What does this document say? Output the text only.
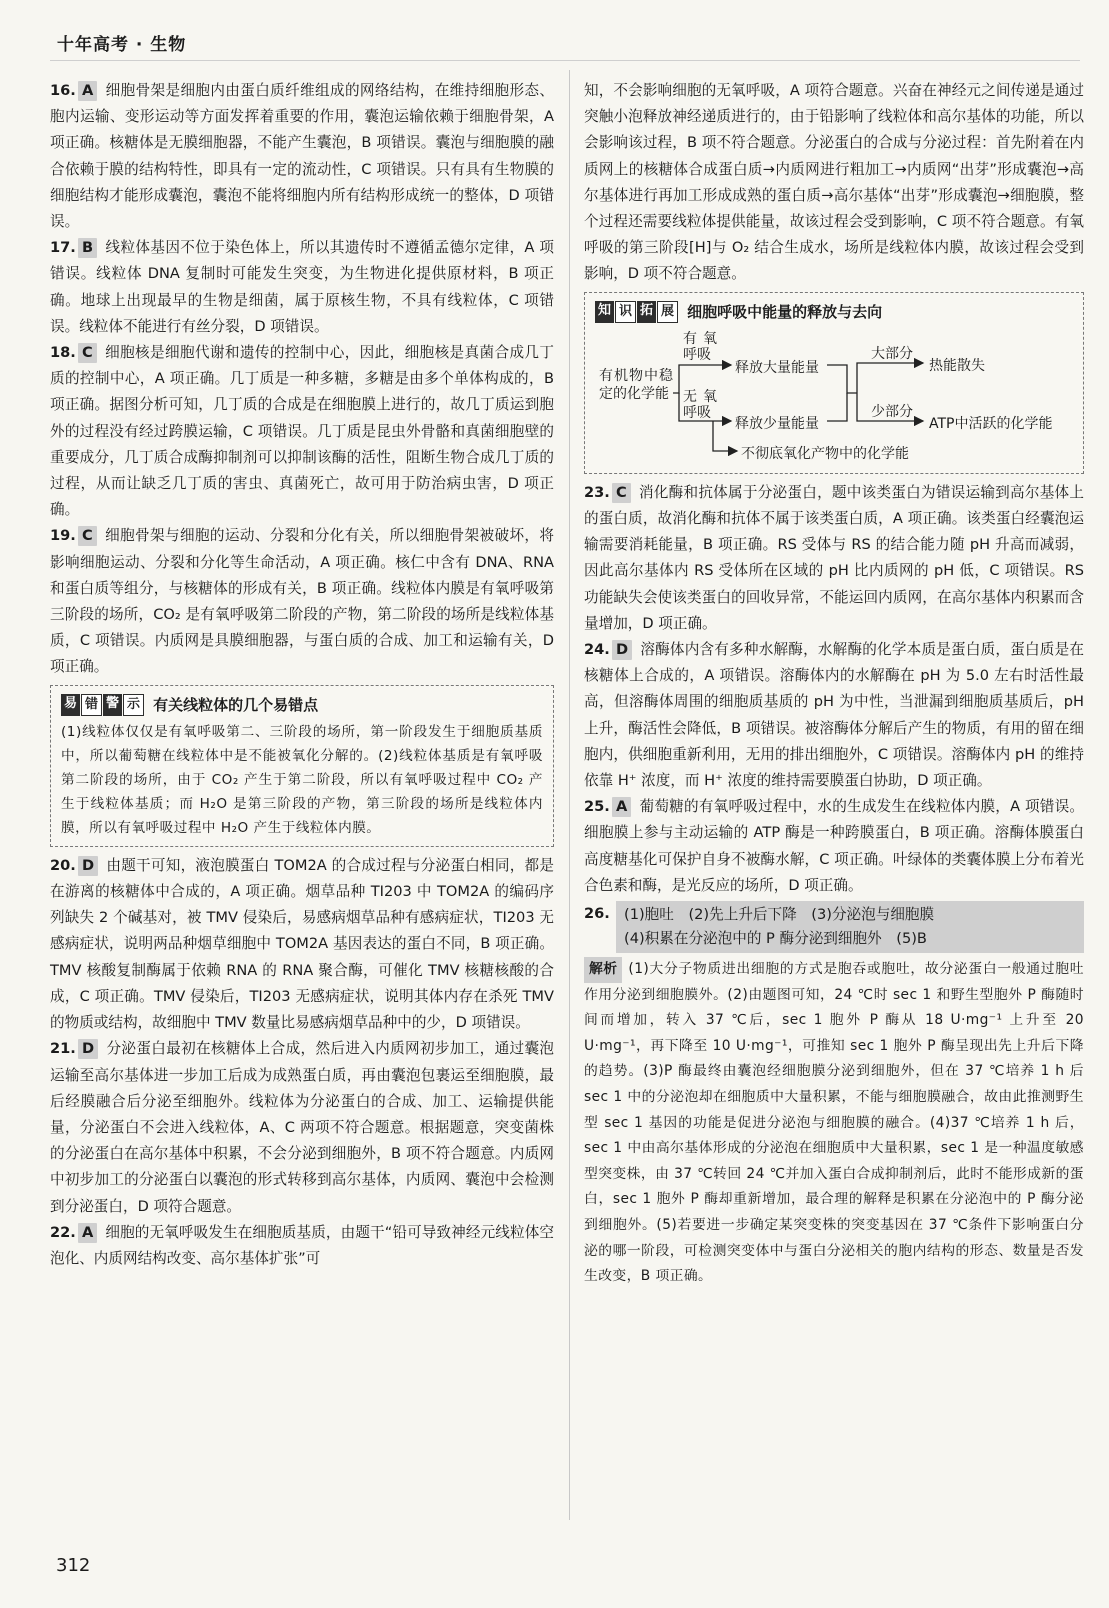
十年高考 · 生物
16. A 细胞骨架是细胞内由蛋白质纤维组成的网络结构，在维持细胞形态、胞内运输、变形运动等方面发挥着重要的作用，囊泡运输依赖于细胞骨架，A 项正确。核糖体是无膜细胞器，不能产生囊泡，B 项错误。囊泡与细胞膜的融合依赖于膜的结构特性，即具有一定的流动性，C 项错误。只有具有生物膜的细胞结构才能形成囊泡，囊泡不能将细胞内所有结构形成统一的整体，D 项错误。
17. B 线粒体基因不位于染色体上，所以其遗传时不遵循孟德尔定律，A 项错误。线粒体 DNA 复制时可能发生突变，为生物进化提供原材料，B 项正确。地球上出现最早的生物是细菌，属于原核生物，不具有线粒体，C 项错误。线粒体不能进行有丝分裂，D 项错误。
18. C 细胞核是细胞代谢和遗传的控制中心，因此，细胞核是真菌合成几丁质的控制中心，A 项正确。几丁质是一种多糖，多糖是由多个单体构成的，B 项正确。据图分析可知，几丁质的合成是在细胞膜上进行的，故几丁质运到胞外的过程没有经过跨膜运输，C 项错误。几丁质是昆虫外骨骼和真菌细胞壁的重要成分，几丁质合成酶抑制剂可以抑制该酶的活性，阻断生物合成几丁质的过程，从而让缺乏几丁质的害虫、真菌死亡，故可用于防治病虫害，D 项正确。
19. C 细胞骨架与细胞的运动、分裂和分化有关，所以细胞骨架被破坏，将影响细胞运动、分裂和分化等生命活动，A 项正确。核仁中含有 DNA、RNA 和蛋白质等组分，与核糖体的形成有关，B 项正确。线粒体内膜是有氧呼吸第三阶段的场所，CO₂ 是有氧呼吸第二阶段的产物，第二阶段的场所是线粒体基质，C 项错误。内质网是具膜细胞器，与蛋白质的合成、加工和运输有关，D 项正确。
易 错 警 示 有关线粒体的几个易错点
(1)线粒体仅仅是有氧呼吸第二、三阶段的场所，第一阶段发生于细胞质基质中，所以葡萄糖在线粒体中是不能被氧化分解的。(2)线粒体基质是有氧呼吸第二阶段的场所，由于 CO₂ 产生于第二阶段，所以有氧呼吸过程中 CO₂ 产生于线粒体基质；而 H₂O 是第三阶段的产物，第三阶段的场所是线粒体内膜，所以有氧呼吸过程中 H₂O 产生于线粒体内膜。
20. D 由题干可知，液泡膜蛋白 TOM2A 的合成过程与分泌蛋白相同，都是在游离的核糖体中合成的，A 项正确。烟草品种 TI203 中 TOM2A 的编码序列缺失 2 个碱基对，被 TMV 侵染后，易感病烟草品种有感病症状，TI203 无感病症状，说明两品种烟草细胞中 TOM2A 基因表达的蛋白不同，B 项正确。TMV 核酸复制酶属于依赖 RNA 的 RNA 聚合酶，可催化 TMV 核糖核酸的合成，C 项正确。TMV 侵染后，TI203 无感病症状，说明其体内存在杀死 TMV 的物质或结构，故细胞中 TMV 数量比易感病烟草品种中的少，D 项错误。
21. D 分泌蛋白最初在核糖体上合成，然后进入内质网初步加工，通过囊泡运输至高尔基体进一步加工后成为成熟蛋白质，再由囊泡包裹运至细胞膜，最后经膜融合后分泌至细胞外。线粒体为分泌蛋白的合成、加工、运输提供能量，分泌蛋白不会进入线粒体，A、C 两项不符合题意。根据题意，突变菌株的分泌蛋白在高尔基体中积累，不会分泌到细胞外，B 项不符合题意。内质网中初步加工的分泌蛋白以囊泡的形式转移到高尔基体，内质网、囊泡中会检测到分泌蛋白，D 项符合题意。
22. A 细胞的无氧呼吸发生在细胞质基质，由题干“铅可导致神经元线粒体空泡化、内质网结构改变、高尔基体扩张”可
知，不会影响细胞的无氧呼吸，A 项符合题意。兴奋在神经元之间传递是通过突触小泡释放神经递质进行的，由于铅影响了线粒体和高尔基体的功能，所以会影响该过程，B 项不符合题意。分泌蛋白的合成与分泌过程：首先附着在内质网上的核糖体合成蛋白质→内质网进行粗加工→内质网“出芽”形成囊泡→高尔基体进行再加工形成成熟的蛋白质→高尔基体“出芽”形成囊泡→细胞膜，整个过程还需要线粒体提供能量，故该过程会受到影响，C 项不符合题意。有氧呼吸的第三阶段[H]与 O₂ 结合生成水，场所是线粒体内膜，故该过程会受到影响，D 项不符合题意。
知 识 拓 展 细胞呼吸中能量的释放与去向
有机物中稳定的化学能
有氧呼吸
无氧呼吸
释放大量能量
释放少量能量
不彻底氧化产物中的化学能
大部分
少部分
热能散失
ATP中活跃的化学能
23. C 消化酶和抗体属于分泌蛋白，题中该类蛋白为错误运输到高尔基体上的蛋白质，故消化酶和抗体不属于该类蛋白质，A 项正确。该类蛋白经囊泡运输需要消耗能量，B 项正确。RS 受体与 RS 的结合能力随 pH 升高而减弱，因此高尔基体内 RS 受体所在区域的 pH 比内质网的 pH 低，C 项错误。RS 功能缺失会使该类蛋白的回收异常，不能运回内质网，在高尔基体内积累而含量增加，D 项正确。
24. D 溶酶体内含有多种水解酶，水解酶的化学本质是蛋白质，蛋白质是在核糖体上合成的，A 项错误。溶酶体内的水解酶在 pH 为 5.0 左右时活性最高，但溶酶体周围的细胞质基质的 pH 为中性，当泄漏到细胞质基质后，pH 上升，酶活性会降低，B 项错误。被溶酶体分解后产生的物质，有用的留在细胞内，供细胞重新利用，无用的排出细胞外，C 项错误。溶酶体内 pH 的维持依靠 H⁺ 浓度，而 H⁺ 浓度的维持需要膜蛋白协助，D 项正确。
25. A 葡萄糖的有氧呼吸过程中，水的生成发生在线粒体内膜，A 项错误。细胞膜上参与主动运输的 ATP 酶是一种跨膜蛋白，B 项正确。溶酶体膜蛋白高度糖基化可保护自身不被酶水解，C 项正确。叶绿体的类囊体膜上分布着光合色素和酶，是光反应的场所，D 项正确。
26. (1)胞吐　(2)先上升后下降　(3)分泌泡与细胞膜
(4)积累在分泌泡中的 P 酶分泌到细胞外　(5)B
解析 (1)大分子物质进出细胞的方式是胞吞或胞吐，故分泌蛋白一般通过胞吐作用分泌到细胞膜外。(2)由题图可知，24 ℃时 sec 1 和野生型胞外 P 酶随时间而增加，转入 37 ℃后，sec 1 胞外 P 酶从 18 U·mg⁻¹ 上升至 20 U·mg⁻¹，再下降至 10 U·mg⁻¹，可推知 sec 1 胞外 P 酶呈现出先上升后下降的趋势。(3)P 酶最终由囊泡经细胞膜分泌到细胞外，但在 37 ℃培养 1 h 后 sec 1 中的分泌泡却在细胞质中大量积累，不能与细胞膜融合，故由此推测野生型 sec 1 基因的功能是促进分泌泡与细胞膜的融合。(4)37 ℃培养 1 h 后，sec 1 中由高尔基体形成的分泌泡在细胞质中大量积累，sec 1 是一种温度敏感型突变株，由 37 ℃转回 24 ℃并加入蛋白合成抑制剂后，此时不能形成新的蛋白，sec 1 胞外 P 酶却重新增加，最合理的解释是积累在分泌泡中的 P 酶分泌到细胞外。(5)若要进一步确定某突变株的突变基因在 37 ℃条件下影响蛋白分泌的哪一阶段，可检测突变体中与蛋白分泌相关的胞内结构的形态、数量是否发生改变，B 项正确。
312
